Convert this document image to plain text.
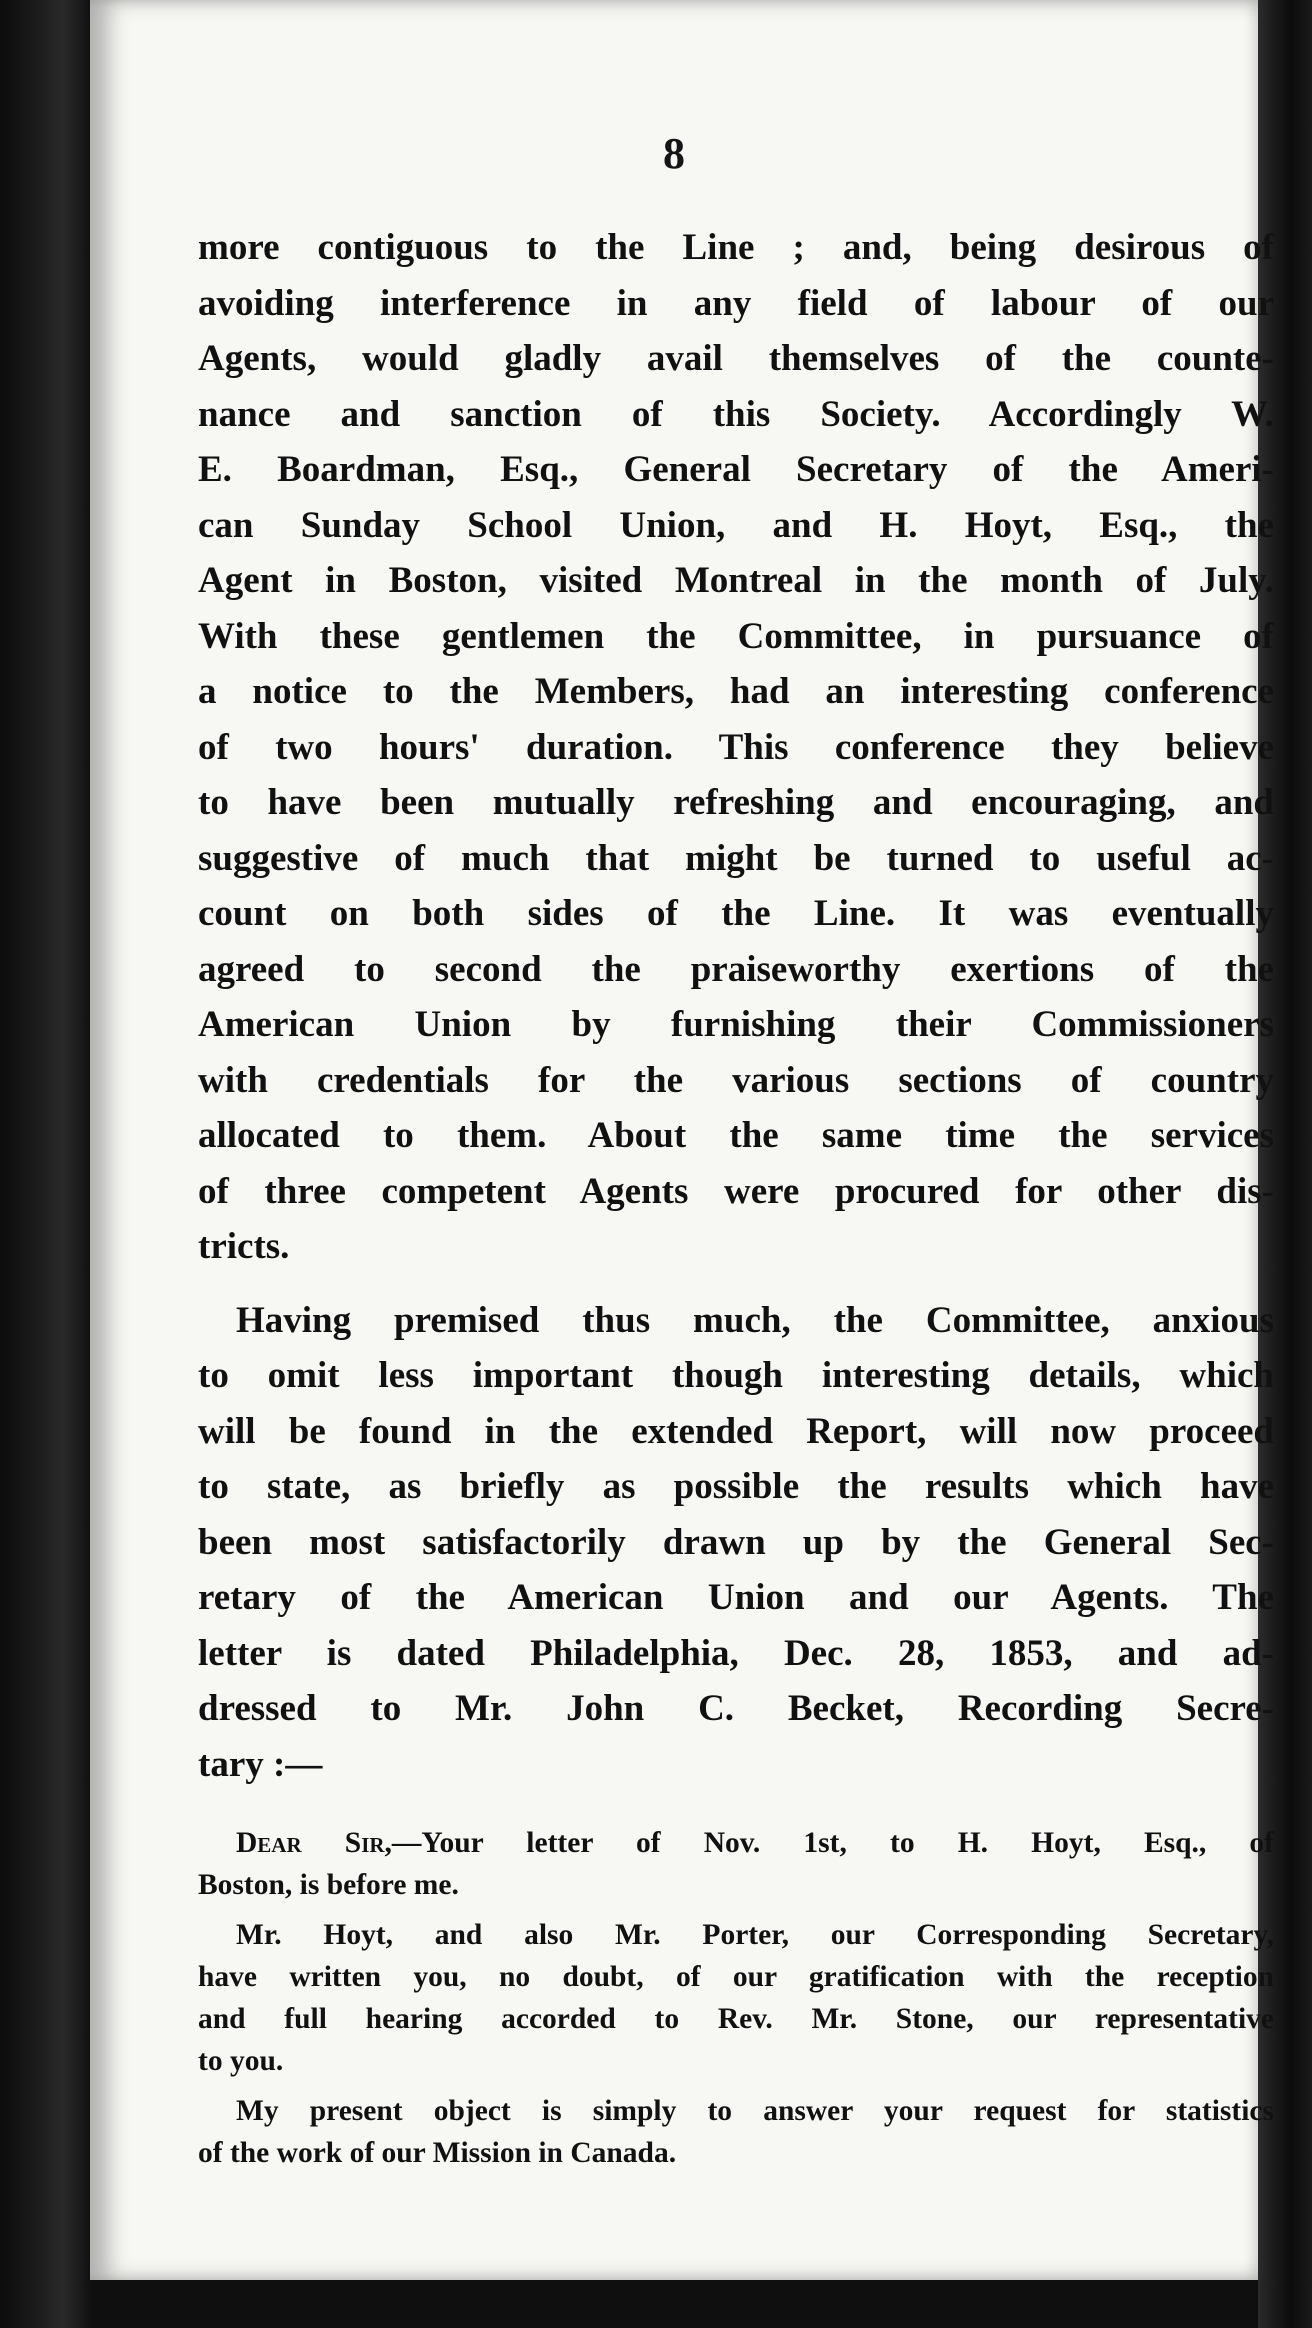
8

more contiguous to the Line ; and, being desirous of
avoiding interference in any field of labour of our
Agents, would gladly avail themselves of the counte-
nance and sanction of this Society. Accordingly W.
E. Boardman, Esq., General Secretary of the Ameri-
can Sunday School Union, and H. Hoyt, Esq., the
Agent in Boston, visited Montreal in the month of July.
With these gentlemen the Committee, in pursuance of
a notice to the Members, had an interesting conference
of two hours' duration. This conference they believe
to have been mutually refreshing and encouraging, and
suggestive of much that might be turned to useful ac-
count on both sides of the Line. It was eventually
agreed to second the praiseworthy exertions of the
American Union by furnishing their Commissioners
with credentials for the various sections of country
allocated to them. About the same time the services
of three competent Agents were procured for other dis-
tricts.

Having premised thus much, the Committee, anxious
to omit less important though interesting details, which
will be found in the extended Report, will now proceed
to state, as briefly as possible the results which have
been most satisfactorily drawn up by the General Sec-
retary of the American Union and our Agents. The
letter is dated Philadelphia, Dec. 28, 1853, and ad-
dressed to Mr. John C. Becket, Recording Secre-
tary :—

Dear Sir,—Your letter of Nov. 1st, to H. Hoyt, Esq., of
Boston, is before me.
Mr. Hoyt, and also Mr. Porter, our Corresponding Secretary,
have written you, no doubt, of our gratification with the reception
and full hearing accorded to Rev. Mr. Stone, our representative
to you.
My present object is simply to answer your request for statistics
of the work of our Mission in Canada.
